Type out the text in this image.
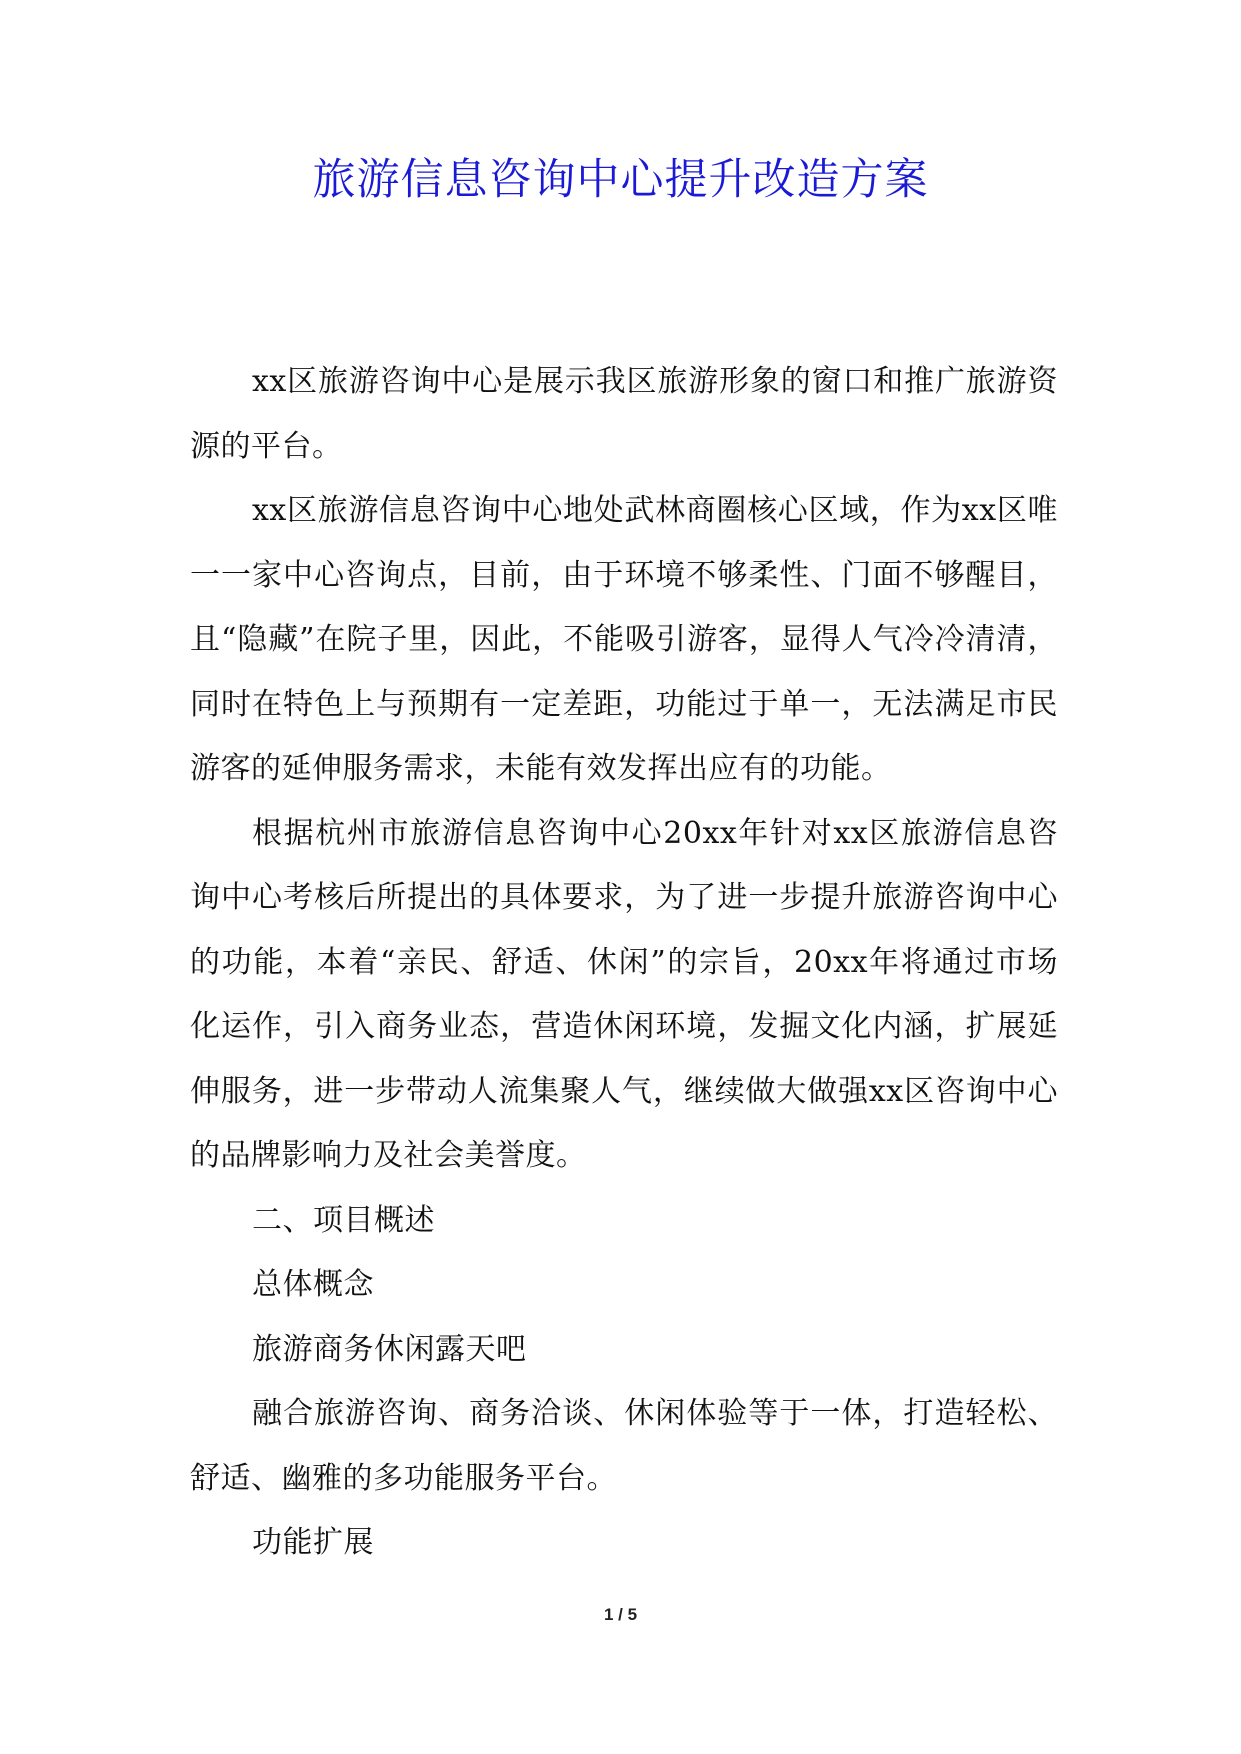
旅游信息咨询中心提升改造方案

xx区旅游咨询中心是展示我区旅游形象的窗口和推广旅游资源的平台。

xx区旅游信息咨询中心地处武林商圈核心区域，作为xx区唯一一家中心咨询点，目前，由于环境不够柔性、门面不够醒目，且“隐藏”在院子里，因此，不能吸引游客，显得人气冷冷清清，同时在特色上与预期有一定差距，功能过于单一，无法满足市民游客的延伸服务需求，未能有效发挥出应有的功能。

根据杭州市旅游信息咨询中心20xx年针对xx区旅游信息咨询中心考核后所提出的具体要求，为了进一步提升旅游咨询中心的功能，本着“亲民、舒适、休闲”的宗旨，20xx年将通过市场化运作，引入商务业态，营造休闲环境，发掘文化内涵，扩展延伸服务，进一步带动人流集聚人气，继续做大做强xx区咨询中心的品牌影响力及社会美誉度。

二、项目概述

总体概念

旅游商务休闲露天吧

融合旅游咨询、商务洽谈、休闲体验等于一体，打造轻松、舒适、幽雅的多功能服务平台。

功能扩展

1 / 5
